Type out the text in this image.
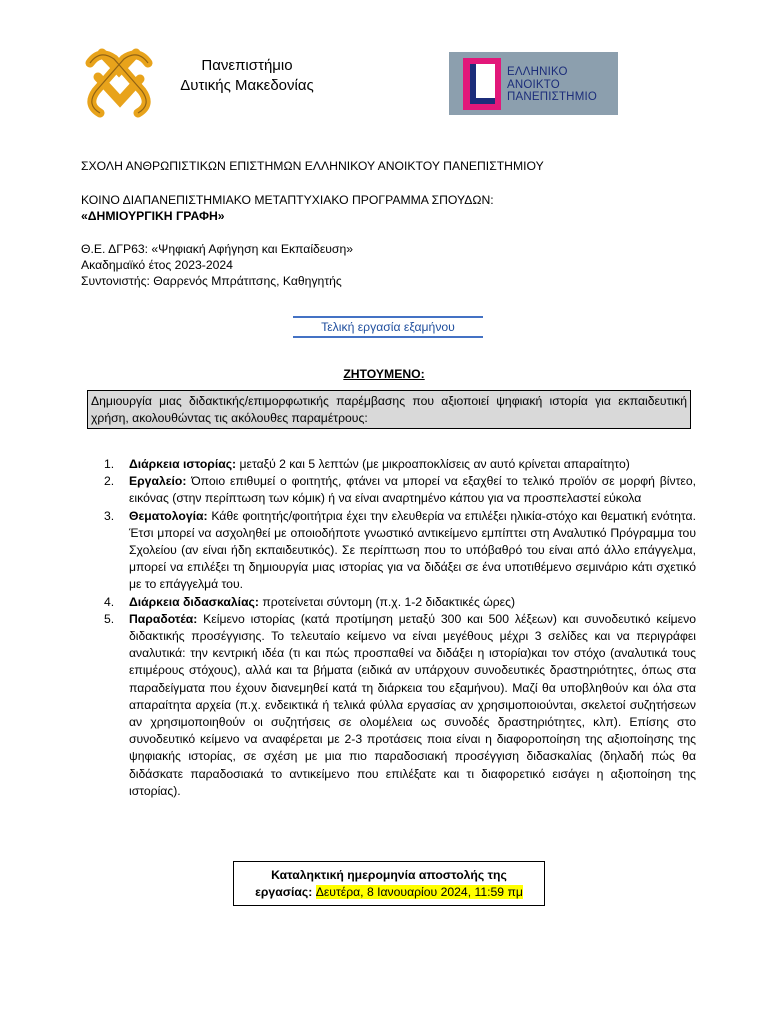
Πανεπιστήμιο
Δυτικής Μακεδονίας
ΕΛΛΗΝΙΚΟ
ΑΝΟΙΚΤΟ
ΠΑΝΕΠΙΣΤΗΜΙΟ
ΣΧΟΛΗ ΑΝΘΡΩΠΙΣΤΙΚΩΝ ΕΠΙΣΤΗΜΩΝ ΕΛΛΗΝΙΚΟΥ ΑΝΟΙΚΤΟΥ ΠΑΝΕΠΙΣΤΗΜΙΟΥ
ΚΟΙΝΟ ΔΙΑΠΑΝΕΠΙΣΤΗΜΙΑΚΟ ΜΕΤΑΠΤΥΧΙΑΚΟ ΠΡΟΓΡΑΜΜΑ ΣΠΟΥΔΩΝ:
«ΔΗΜΙΟΥΡΓΙΚΗ ΓΡΑΦΗ»
Θ.Ε. ΔΓΡ63: «Ψηφιακή Αφήγηση και Εκπαίδευση»
Ακαδημαϊκό έτος 2023-2024
Συντονιστής: Θαρρενός Μπράτιτσης, Καθηγητής
Τελική εργασία εξαμήνου
ΖΗΤΟΥΜΕΝΟ:
Δημιουργία μιας διδακτικής/επιμορφωτικής παρέμβασης που αξιοποιεί ψηφιακή ιστορία για εκπαιδευτική χρήση, ακολουθώντας τις ακόλουθες παραμέτρους:
1. Διάρκεια ιστορίας: μεταξύ 2 και 5 λεπτών (με μικροαποκλίσεις αν αυτό κρίνεται απαραίτητο)
2. Εργαλείο: Όποιο επιθυμεί ο φοιτητής, φτάνει να μπορεί να εξαχθεί το τελικό προϊόν σε μορφή βίντεο, εικόνας (στην περίπτωση των κόμικ) ή να είναι αναρτημένο κάπου για να προσπελαστεί εύκολα
3. Θεματολογία: Κάθε φοιτητής/φοιτήτρια έχει την ελευθερία να επιλέξει ηλικία-στόχο και θεματική ενότητα. Έτσι μπορεί να ασχοληθεί με οποιοδήποτε γνωστικό αντικείμενο εμπίπτει στη Αναλυτικό Πρόγραμμα του Σχολείου (αν είναι ήδη εκπαιδευτικός). Σε περίπτωση που το υπόβαθρό του είναι από άλλο επάγγελμα, μπορεί να επιλέξει τη δημιουργία μιας ιστορίας για να διδάξει σε ένα υποτιθέμενο σεμινάριο κάτι σχετικό με το επάγγελμά του.
4. Διάρκεια διδασκαλίας: προτείνεται σύντομη (π.χ. 1-2 διδακτικές ώρες)
5. Παραδοτέα: Κείμενο ιστορίας (κατά προτίμηση μεταξύ 300 και 500 λέξεων) και συνοδευτικό κείμενο διδακτικής προσέγγισης. Το τελευταίο κείμενο να είναι μεγέθους μέχρι 3 σελίδες και να περιγράφει αναλυτικά: την κεντρική ιδέα (τι και πώς προσπαθεί να διδάξει η ιστορία)και τον στόχο (αναλυτικά τους επιμέρους στόχους), αλλά και τα βήματα (ειδικά αν υπάρχουν συνοδευτικές δραστηριότητες, όπως στα παραδείγματα που έχουν διανεμηθεί κατά τη διάρκεια του εξαμήνου). Μαζί θα υποβληθούν και όλα στα απαραίτητα αρχεία (π.χ. ενδεικτικά ή τελικά φύλλα εργασίας αν χρησιμοποιούνται, σκελετοί συζητήσεων αν χρησιμοποιηθούν οι συζητήσεις σε ολομέλεια ως συνοδές δραστηριότητες, κλπ). Επίσης στο συνοδευτικό κείμενο να αναφέρεται με 2-3 προτάσεις ποια είναι η διαφοροποίηση της αξιοποίησης της ψηφιακής ιστορίας, σε σχέση με μια πιο παραδοσιακή προσέγγιση διδασκαλίας (δηλαδή πώς θα διδάσκατε παραδοσιακά το αντικείμενο που επιλέξατε και τι διαφορετικό εισάγει η αξιοποίηση της ιστορίας).
Καταληκτική ημερομηνία αποστολής της
εργασίας: Δευτέρα, 8 Ιανουαρίου 2024, 11:59 πμ
